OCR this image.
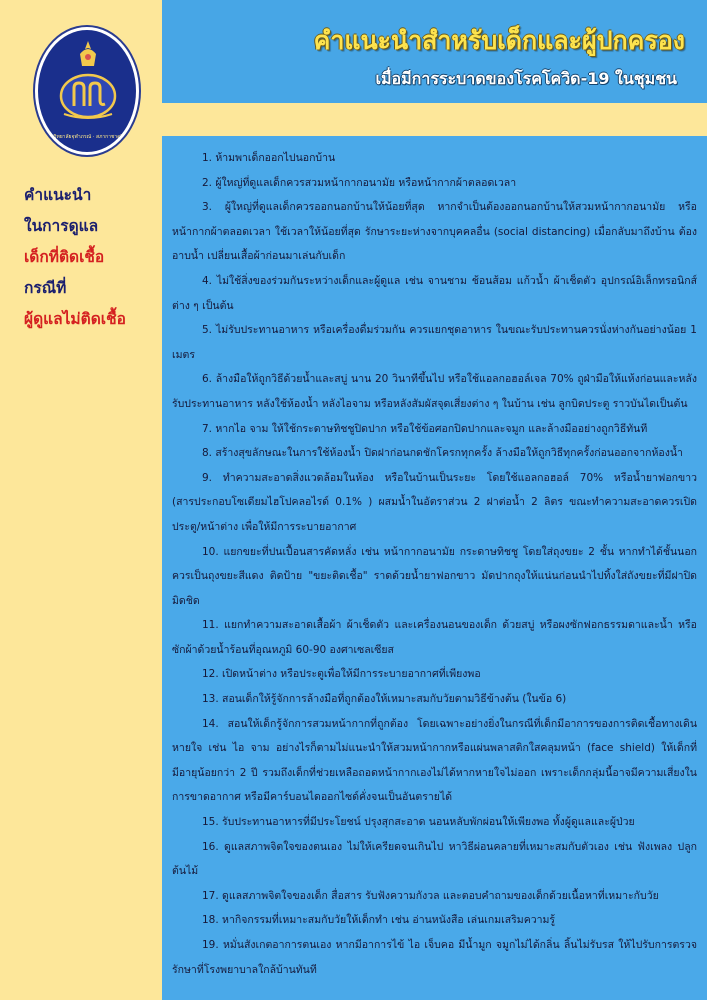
ราชวิทยาลัยจุฬาภรณ์ · สภากาชาดไทย
คำแนะนำ
ในการดูแล
เด็กที่ติดเชื้อ
กรณีที่
ผู้ดูแลไม่ติดเชื้อ
คำแนะนำสำหรับเด็กและผู้ปกครอง
เมื่อมีการระบาดของโรคโควิด-19 ในชุมชน

1. ห้ามพาเด็กออกไปนอกบ้าน

2. ผู้ใหญ่ที่ดูแลเด็กควรสวมหน้ากากอนามัย หรือหน้ากากผ้าตลอดเวลา

3. ผู้ใหญ่ที่ดูแลเด็กควรออกนอกบ้านให้น้อยที่สุด หากจำเป็นต้องออกนอกบ้านให้สวมหน้ากากอนามัย หรือหน้ากากผ้าตลอดเวลา ใช้เวลาให้น้อยที่สุด รักษาระยะห่างจากบุคคลอื่น (social distancing) เมื่อกลับมาถึงบ้าน ต้องอาบน้ำ เปลี่ยนเสื้อผ้าก่อนมาเล่นกับเด็ก

4. ไม่ใช้สิ่งของร่วมกันระหว่างเด็กและผู้ดูแล เช่น จานชาม ช้อนส้อม แก้วน้ำ ผ้าเช็ดตัว อุปกรณ์อิเล็กทรอนิกส์ต่าง ๆ เป็นต้น

5. ไม่รับประทานอาหาร หรือเครื่องดื่มร่วมกัน ควรแยกชุดอาหาร ในขณะรับประทานควรนั่งห่างกันอย่างน้อย 1 เมตร

6. ล้างมือให้ถูกวิธีด้วยน้ำและสบู่ นาน 20 วินาทีขึ้นไป หรือใช้แอลกอฮอล์เจล 70% ถูฝ่ามือให้แห้งก่อนและหลังรับประทานอาหาร หลังใช้ห้องน้ำ หลังไอจาม หรือหลังสัมผัสจุดเสี่ยงต่าง ๆ ในบ้าน เช่น ลูกบิดประตู ราวบันไดเป็นต้น

7. หากไอ จาม ให้ใช้กระดาษทิชชูปิดปาก หรือใช้ข้อศอกปิดปากและจมูก และล้างมืออย่างถูกวิธีทันที

8. สร้างสุขลักษณะในการใช้ห้องน้ำ ปิดฝาก่อนกดชักโครกทุกครั้ง ล้างมือให้ถูกวิธีทุกครั้งก่อนออกจากห้องน้ำ

9. ทำความสะอาดสิ่งแวดล้อมในห้อง หรือในบ้านเป็นระยะ โดยใช้แอลกอฮอล์ 70% หรือน้ำยาฟอกขาว (สารประกอบโซเดียมไฮโปคลอไรด์ 0.1% ) ผสมน้ำในอัตราส่วน 2 ฝาต่อน้ำ 2 ลิตร ขณะทำความสะอาดควรเปิดประตู/หน้าต่าง เพื่อให้มีการระบายอากาศ

10. แยกขยะที่ปนเปื้อนสารคัดหลั่ง เช่น หน้ากากอนามัย กระดาษทิชชู โดยใส่ถุงขยะ 2 ชั้น หากทำได้ชั้นนอกควรเป็นถุงขยะสีแดง ติดป้าย "ขยะติดเชื้อ" ราดด้วยน้ำยาฟอกขาว มัดปากถุงให้แน่นก่อนนำไปทิ้งใส่ถังขยะที่มีฝาปิดมิดชิด

11. แยกทำความสะอาดเสื้อผ้า ผ้าเช็ดตัว และเครื่องนอนของเด็ก ด้วยสบู่ หรือผงซักฟอกธรรมดาและน้ำ หรือซักผ้าด้วยน้ำร้อนที่อุณหภูมิ 60-90 องศาเซลเซียส

12. เปิดหน้าต่าง หรือประตูเพื่อให้มีการระบายอากาศที่เพียงพอ

13. สอนเด็กให้รู้จักการล้างมือที่ถูกต้องให้เหมาะสมกับวัยตามวิธีข้างต้น (ในข้อ 6)

14. สอนให้เด็กรู้จักการสวมหน้ากากที่ถูกต้อง โดยเฉพาะอย่างยิ่งในกรณีที่เด็กมีอาการของการติดเชื้อทางเดินหายใจ เช่น ไอ จาม อย่างไรก็ตามไม่แนะนำให้สวมหน้ากากหรือแผ่นพลาสติกใสคลุมหน้า (face shield) ให้เด็กที่มีอายุน้อยกว่า 2 ปี รวมถึงเด็กที่ช่วยเหลือถอดหน้ากากเองไม่ได้หากหายใจไม่ออก เพราะเด็กกลุ่มนี้อาจมีความเสี่ยงในการขาดอากาศ หรือมีคาร์บอนไดออกไซด์คั่งจนเป็นอันตรายได้

15. รับประทานอาหารที่มีประโยชน์ ปรุงสุกสะอาด นอนหลับพักผ่อนให้เพียงพอ ทั้งผู้ดูแลและผู้ป่วย

16. ดูแลสภาพจิตใจของตนเอง ไม่ให้เครียดจนเกินไป หาวิธีผ่อนคลายที่เหมาะสมกับตัวเอง เช่น ฟังเพลง ปลูกต้นไม้

17. ดูแลสภาพจิตใจของเด็ก สื่อสาร รับฟังความกังวล และตอบคำถามของเด็กด้วยเนื้อหาที่เหมาะกับวัย

18. หากิจกรรมที่เหมาะสมกับวัยให้เด็กทำ เช่น อ่านหนังสือ เล่นเกมเสริมความรู้

19. หมั่นสังเกตอาการตนเอง หากมีอาการไข้ ไอ เจ็บคอ มีน้ำมูก จมูกไม่ได้กลิ่น ลิ้นไม่รับรส ให้ไปรับการตรวจรักษาที่โรงพยาบาลใกล้บ้านทันที
